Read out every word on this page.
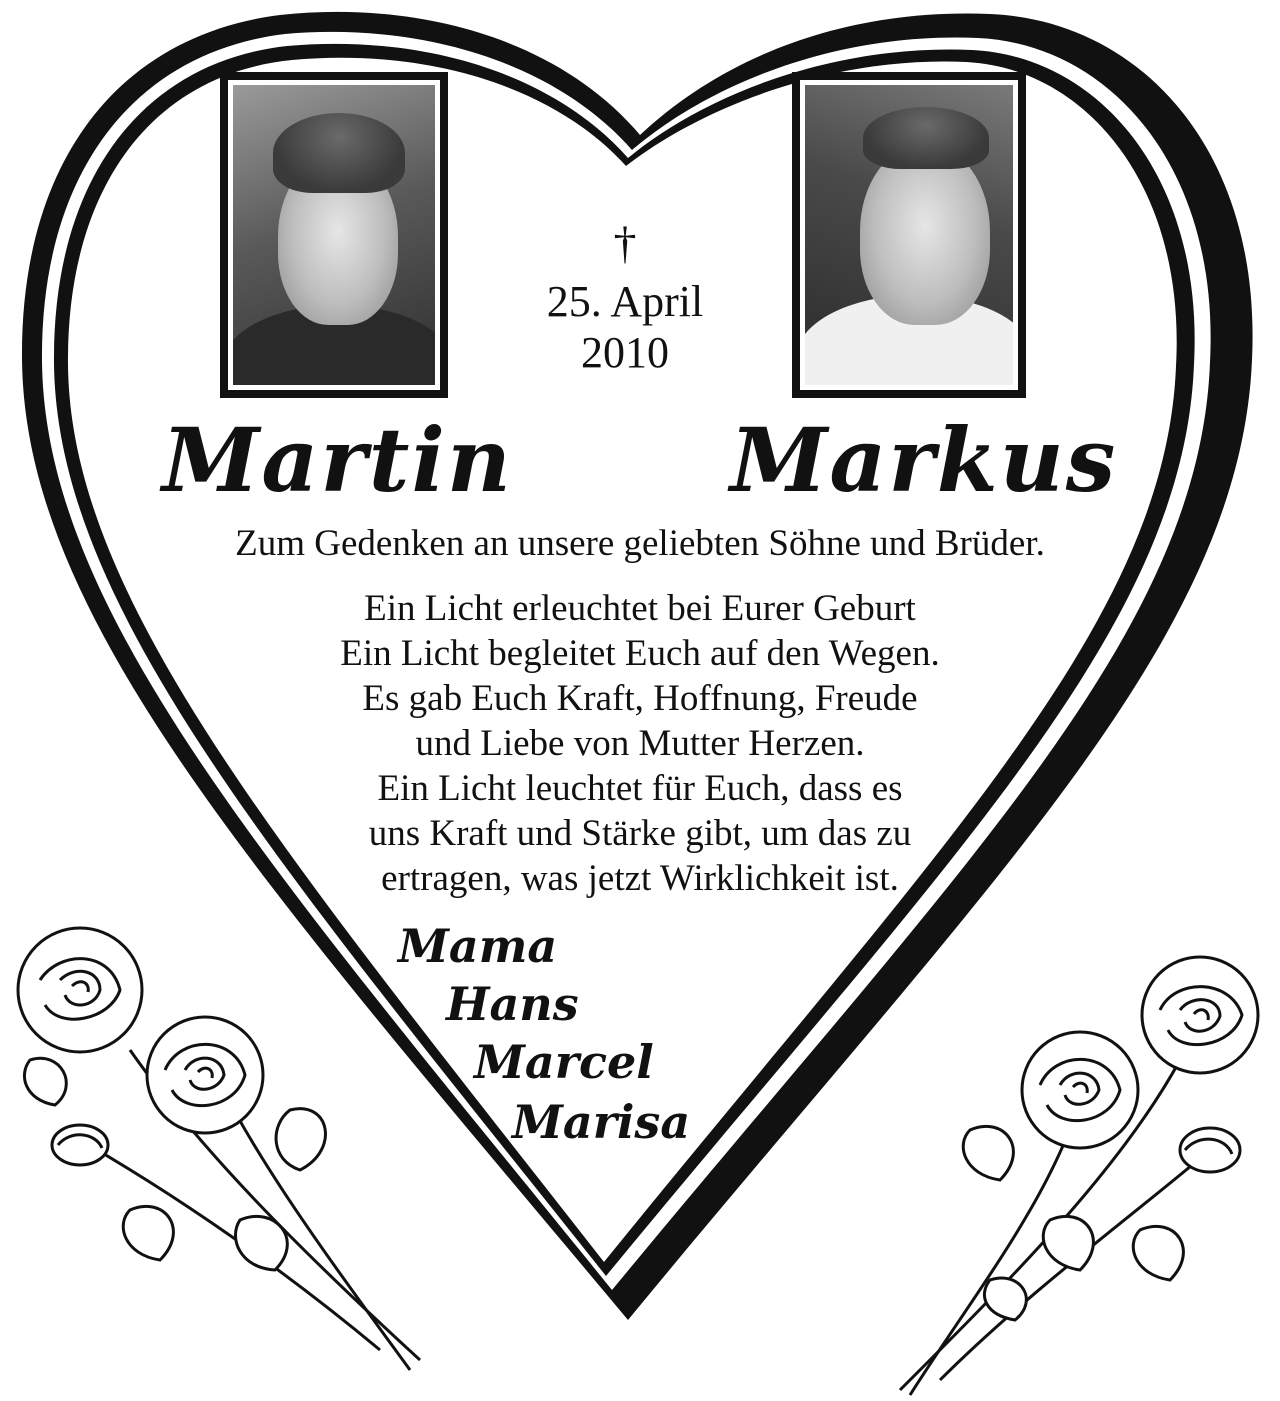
†
25. April
2010
Martin Markus
Zum Gedenken an unsere geliebten Söhne und Brüder.
Ein Licht erleuchtet bei Eurer Geburt
Ein Licht begleitet Euch auf den Wegen.
Es gab Euch Kraft, Hoffnung, Freude
und Liebe von Mutter Herzen.
Ein Licht leuchtet für Euch, dass es
uns Kraft und Stärke gibt, um das zu
ertragen, was jetzt Wirklichkeit ist.
Mama
Hans
Marcel
Marisa
